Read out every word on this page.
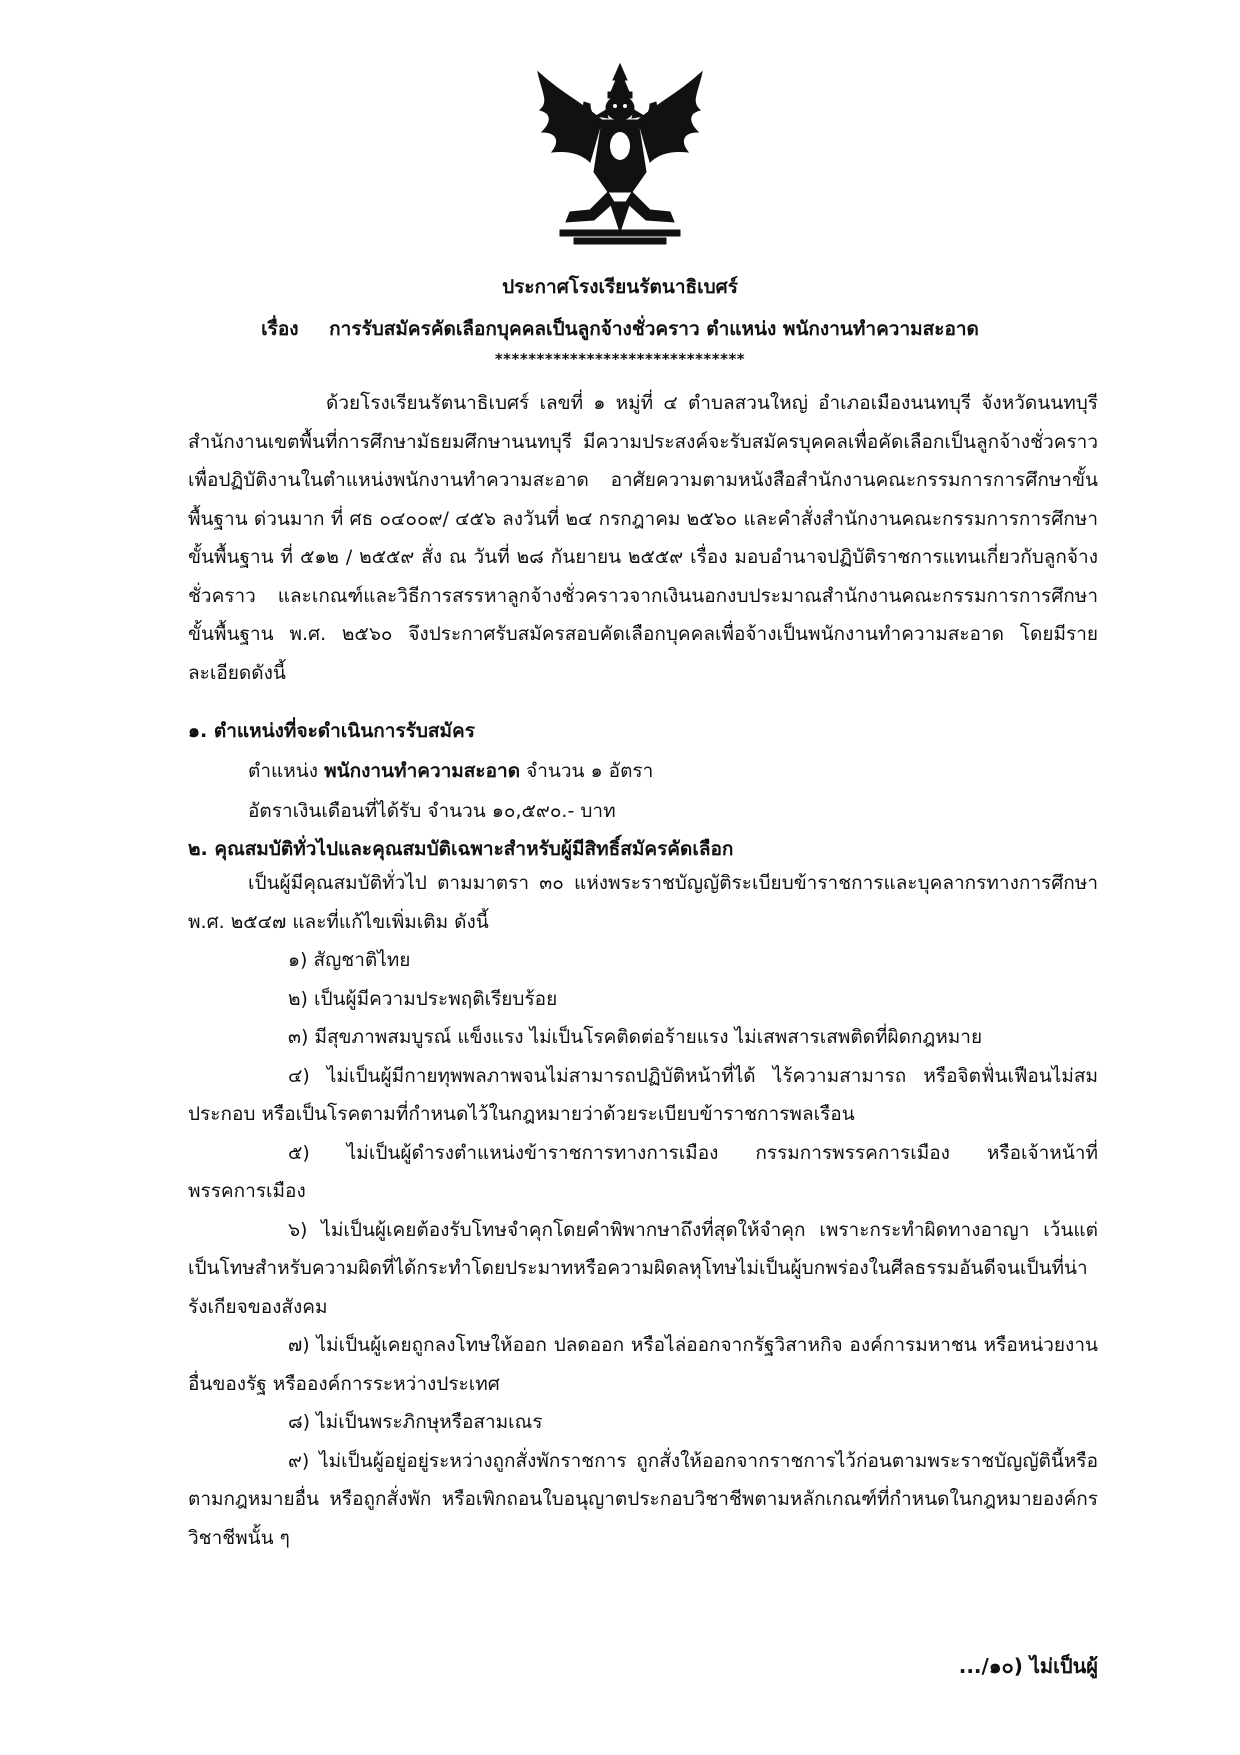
ประกาศโรงเรียนรัตนาธิเบศร์
เรื่อง การรับสมัครคัดเลือกบุคคลเป็นลูกจ้างชั่วคราว ตำแหน่ง พนักงานทำความสะอาด
******************************

ด้วยโรงเรียนรัตนาธิเบศร์ เลขที่ ๑ หมู่ที่ ๔ ตำบลสวนใหญ่ อำเภอเมืองนนทบุรี จังหวัดนนทบุรี สำนักงานเขตพื้นที่การศึกษามัธยมศึกษานนทบุรี มีความประสงค์จะรับสมัครบุคคลเพื่อคัดเลือกเป็นลูกจ้างชั่วคราว เพื่อปฏิบัติงานในตำแหน่งพนักงานทำความสะอาด อาศัยความตามหนังสือสำนักงานคณะกรรมการการศึกษาขั้นพื้นฐาน ด่วนมาก ที่ ศธ ๐๔๐๐๙/ ๔๕๖ ลงวันที่ ๒๔ กรกฎาคม ๒๕๖๐ และคำสั่งสำนักงานคณะกรรมการการศึกษาขั้นพื้นฐาน ที่ ๕๑๒ / ๒๕๕๙ สั่ง ณ วันที่ ๒๘ กันยายน ๒๕๕๙ เรื่อง มอบอำนาจปฏิบัติราชการแทนเกี่ยวกับลูกจ้างชั่วคราว และเกณฑ์และวิธีการสรรหาลูกจ้างชั่วคราวจากเงินนอกงบประมาณสำนักงานคณะกรรมการการศึกษาขั้นพื้นฐาน พ.ศ. ๒๕๖๐ จึงประกาศรับสมัครสอบคัดเลือกบุคคลเพื่อจ้างเป็นพนักงานทำความสะอาด โดยมีรายละเอียดดังนี้

๑. ตำแหน่งที่จะดำเนินการรับสมัคร
ตำแหน่ง พนักงานทำความสะอาด จำนวน ๑ อัตรา
อัตราเงินเดือนที่ได้รับ จำนวน ๑๐,๕๙๐.- บาท
๒. คุณสมบัติทั่วไปและคุณสมบัติเฉพาะสำหรับผู้มีสิทธิ์สมัครคัดเลือก

เป็นผู้มีคุณสมบัติทั่วไป ตามมาตรา ๓๐ แห่งพระราชบัญญัติระเบียบข้าราชการและบุคลากรทางการศึกษา พ.ศ. ๒๕๔๗ และที่แก้ไขเพิ่มเติม ดังนี้

๑) สัญชาติไทย

๒) เป็นผู้มีความประพฤติเรียบร้อย

๓) มีสุขภาพสมบูรณ์ แข็งแรง ไม่เป็นโรคติดต่อร้ายแรง ไม่เสพสารเสพติดที่ผิดกฎหมาย

๔) ไม่เป็นผู้มีกายทุพพลภาพจนไม่สามารถปฏิบัติหน้าที่ได้ ไร้ความสามารถ หรือจิตฟั่นเฟือนไม่สมประกอบ หรือเป็นโรคตามที่กำหนดไว้ในกฎหมายว่าด้วยระเบียบข้าราชการพลเรือน

๕) ไม่เป็นผู้ดำรงตำแหน่งข้าราชการทางการเมือง กรรมการพรรคการเมือง หรือเจ้าหน้าที่พรรคการเมือง

๖) ไม่เป็นผู้เคยต้องรับโทษจำคุกโดยคำพิพากษาถึงที่สุดให้จำคุก เพราะกระทำผิดทางอาญา เว้นแต่เป็นโทษสำหรับความผิดที่ได้กระทำโดยประมาทหรือความผิดลหุโทษไม่เป็นผู้บกพร่องในศีลธรรมอันดีจนเป็นที่น่ารังเกียจของสังคม

๗) ไม่เป็นผู้เคยถูกลงโทษให้ออก ปลดออก หรือไล่ออกจากรัฐวิสาหกิจ องค์การมหาชน หรือหน่วยงานอื่นของรัฐ หรือองค์การระหว่างประเทศ

๘) ไม่เป็นพระภิกษุหรือสามเณร

๙) ไม่เป็นผู้อยู่อยู่ระหว่างถูกสั่งพักราชการ ถูกสั่งให้ออกจากราชการไว้ก่อนตามพระราชบัญญัตินี้หรือตามกฎหมายอื่น หรือถูกสั่งพัก หรือเพิกถอนใบอนุญาตประกอบวิชาชีพตามหลักเกณฑ์ที่กำหนดในกฎหมายองค์กรวิชาชีพนั้น ๆ

.../๑๐) ไม่เป็นผู้
